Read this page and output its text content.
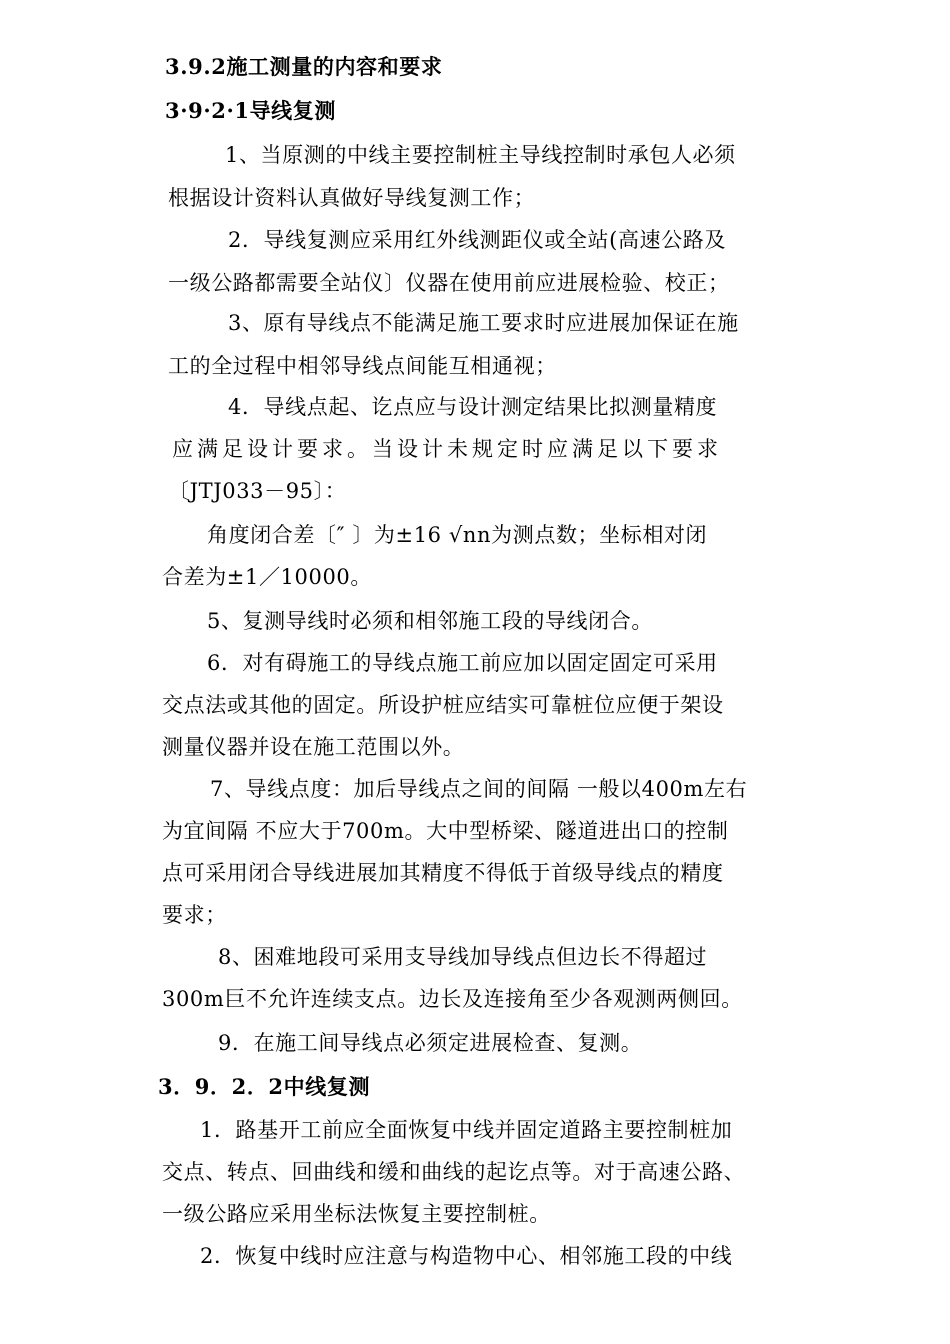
3.9.2施工测量的内容和要求
3·9·2·1导线复测
1、当原测的中线主要控制桩主导线控制时承包人必须
根据设计资料认真做好导线复测工作；
2．导线复测应采用红外线测距仪或全站(高速公路及
一级公路都需要全站仪〕仪器在使用前应进展检验、校正；
3、原有导线点不能满足施工要求时应进展加保证在施
工的全过程中相邻导线点间能互相通视；
4．导线点起、讫点应与设计测定结果比拟测量精度
应满足设计要求。当设计未规定时应满足以下要求
〔JTJ033－95〕：
角度闭合差〔″ 〕为±16 √nn为测点数；坐标相对闭
合差为±1／10000。
5、复测导线时必须和相邻施工段的导线闭合。
6．对有碍施工的导线点施工前应加以固定固定可采用
交点法或其他的固定。所设护桩应结实可靠桩位应便于架设
测量仪器并设在施工范围以外。
7、导线点度：加后导线点之间的间隔 一般以400m左右
为宜间隔 不应大于700m。大中型桥梁、隧道进出口的控制
点可采用闭合导线进展加其精度不得低于首级导线点的精度
要求；
8、困难地段可采用支导线加导线点但边长不得超过
300m巨不允许连续支点。边长及连接角至少各观测两侧回。
9．在施工间导线点必须定进展检查、复测。
3．9．2．2中线复测
1．路基开工前应全面恢复中线并固定道路主要控制桩加
交点、转点、回曲线和缓和曲线的起讫点等。对于高速公路、
一级公路应采用坐标法恢复主要控制桩。
2．恢复中线时应注意与构造物中心、相邻施工段的中线
